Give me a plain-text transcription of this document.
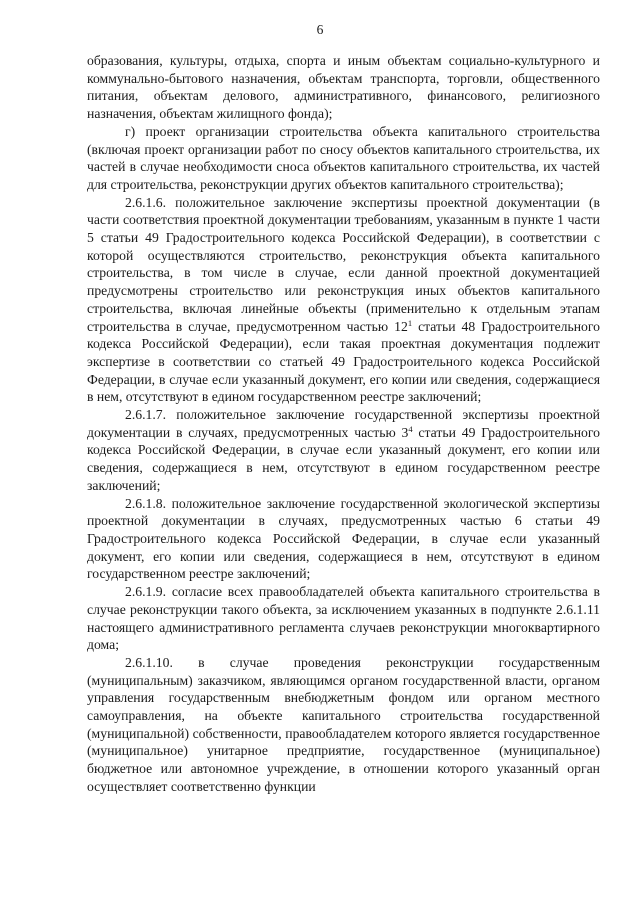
6

образования, культуры, отдыха, спорта и иным объектам социально-культурного и коммунально-бытового назначения, объектам транспорта, торговли, общественного питания, объектам делового, административного, финансового, религиозного назначения, объектам жилищного фонда);

г) проект организации строительства объекта капитального строительства (включая проект организации работ по сносу объектов капитального строительства, их частей в случае необходимости сноса объектов капитального строительства, их частей для строительства, реконструкции других объектов капитального строительства);

2.6.1.6. положительное заключение экспертизы проектной документации (в части соответствия проектной документации требованиям, указанным в пункте 1 части 5 статьи 49 Градостроительного кодекса Российской Федерации), в соответствии с которой осуществляются строительство, реконструкция объекта капитального строительства, в том числе в случае, если данной проектной документацией предусмотрены строительство или реконструкция иных объектов капитального строительства, включая линейные объекты (применительно к отдельным этапам строительства в случае, предусмотренном частью $12^1$ статьи 48 Градостроительного кодекса Российской Федерации), если такая проектная документация подлежит экспертизе в соответствии со статьей 49 Градостроительного кодекса Российской Федерации, в случае если указанный документ, его копии или сведения, содержащиеся в нем, отсутствуют в едином государственном реестре заключений;

2.6.1.7. положительное заключение государственной экспертизы проектной документации в случаях, предусмотренных частью $3^4$ статьи 49 Градостроительного кодекса Российской Федерации, в случае если указанный документ, его копии или сведения, содержащиеся в нем, отсутствуют в едином государственном реестре заключений;

2.6.1.8. положительное заключение государственной экологической экспертизы проектной документации в случаях, предусмотренных частью 6 статьи 49 Градостроительного кодекса Российской Федерации, в случае если указанный документ, его копии или сведения, содержащиеся в нем, отсутствуют в едином государственном реестре заключений;

2.6.1.9. согласие всех правообладателей объекта капитального строительства в случае реконструкции такого объекта, за исключением указанных в подпункте 2.6.1.11 настоящего административного регламента случаев реконструкции многоквартирного дома;

2.6.1.10. в случае проведения реконструкции государственным (муниципальным) заказчиком, являющимся органом государственной власти, органом управления государственным внебюджетным фондом или органом местного самоуправления, на объекте капитального строительства государственной (муниципальной) собственности, правообладателем которого является государственное (муниципальное) унитарное предприятие, государственное (муниципальное) бюджетное или автономное учреждение, в отношении которого указанный орган осуществляет соответственно функции
